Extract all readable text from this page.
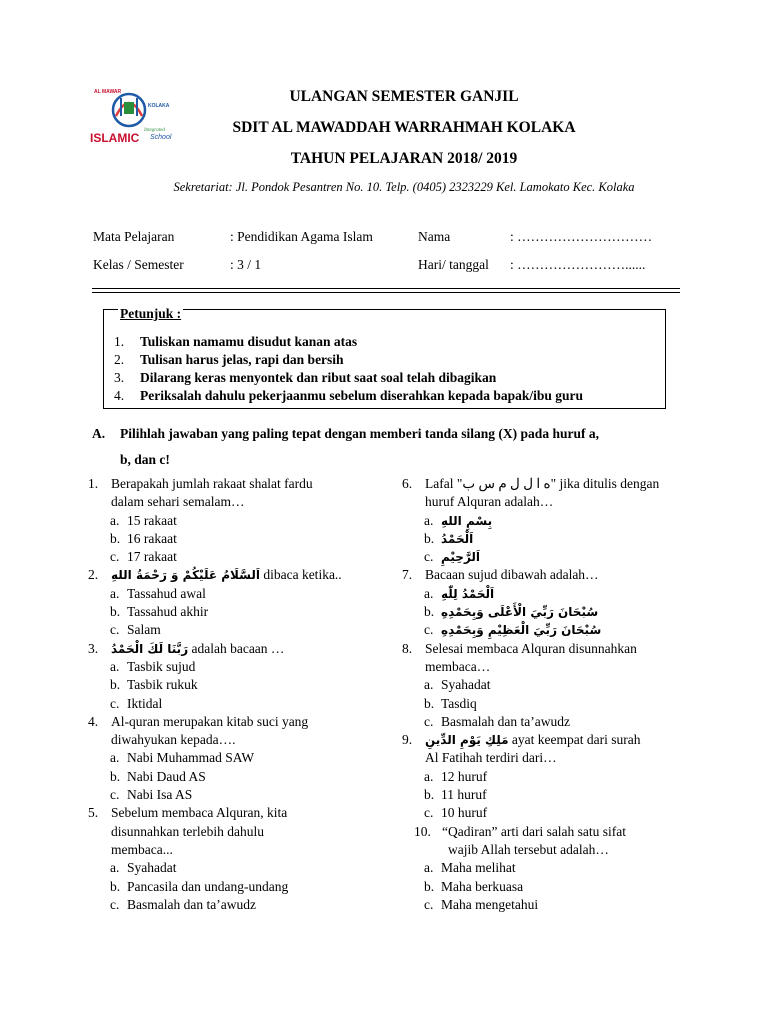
AL MAWAR
KOLAKA
Integrated
ISLAMIC School
ULANGAN SEMESTER GANJIL
SDIT AL MAWADDAH WARRAHMAH KOLAKA
TAHUN PELAJARAN 2018/ 2019
Sekretariat: Jl. Pondok Pesantren No. 10. Telp. (0405) 2323229 Kel. Lamokato Kec. Kolaka
Mata Pelajaran	: Pendidikan Agama Islam	Nama	: …………………………
Kelas / Semester	: 3 / 1	Hari/ tanggal : ……………………......
Petunjuk :
1. Tuliskan namamu disudut kanan atas
2. Tulisan harus jelas, rapi dan bersih
3. Dilarang keras menyontek dan ribut saat soal telah dibagikan
4. Periksalah dahulu pekerjaanmu sebelum diserahkan kepada bapak/ibu guru
A. Pilihlah jawaban yang paling tepat dengan memberi tanda silang (X) pada huruf a,
b, dan c!
1. Berapakah jumlah rakaat shalat fardu
dalam sehari semalam…
a. 15 rakaat
b. 16 rakaat
c. 17 rakaat
2. اَلسَّلَامُ عَلَيْكُمْ وَ رَحْمَةُ اللهِ dibaca ketika..
a. Tassahud awal
b. Tassahud akhir
c. Salam
3. رَبَّنَا لَكَ الْحَمْدُ adalah bacaan …
a. Tasbik sujud
b. Tasbik rukuk
c. Iktidal
4. Al-quran merupakan kitab suci yang
diwahyukan kepada….
a. Nabi Muhammad SAW
b. Nabi Daud AS
c. Nabi Isa AS
5. Sebelum membaca Alquran, kita
disunnahkan terlebih dahulu
membaca...
a. Syahadat
b. Pancasila dan undang-undang
c. Basmalah dan ta’awudz
6. Lafal "ه ا ل ل م س ب" jika ditulis dengan
huruf Alquran adalah…
a. بِسْمِ اللهِ
b. اَلْحَمْدُ
c. اَلرَّحِيْمِ
7. Bacaan sujud dibawah adalah…
a. اَلْحَمْدُ لِلّٰهِ
b. سُبْحَانَ رَبِّيَ الْأَعْلَى وَبِحَمْدِهِ
c. سُبْحَانَ رَبِّيَ الْعَظِيْمِ وَبِحَمْدِهِ
8. Selesai membaca Alquran disunnahkan
membaca…
a. Syahadat
b. Tasdiq
c. Basmalah dan ta’awudz
9. مَلِكِ يَوْمِ الدِّينِ ayat keempat dari surah
Al Fatihah terdiri dari…
a. 12 huruf
b. 11 huruf
c. 10 huruf
10. “Qadiran” arti dari salah satu sifat
wajib Allah tersebut adalah…
a. Maha melihat
b. Maha berkuasa
c. Maha mengetahui
